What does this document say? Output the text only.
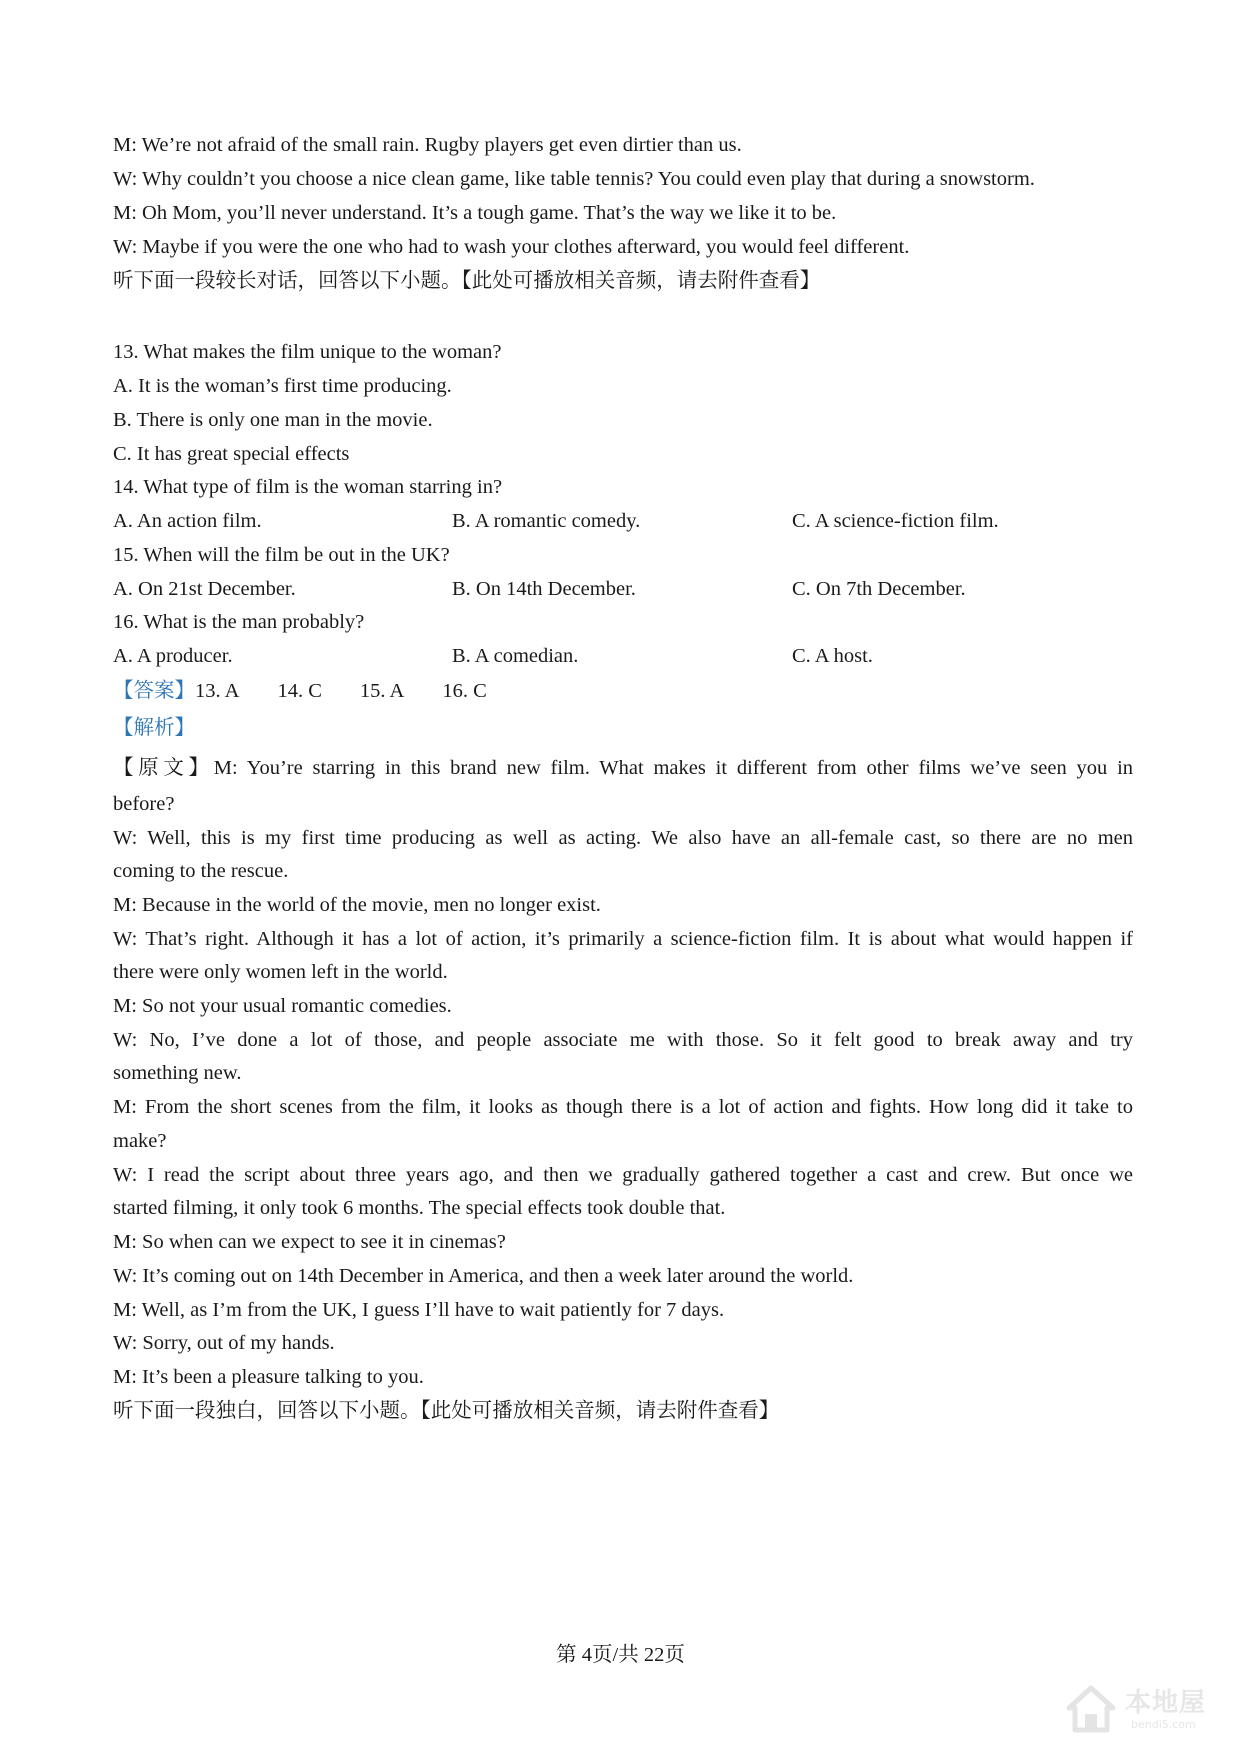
M: We’re not afraid of the small rain. Rugby players get even dirtier than us.
W: Why couldn’t you choose a nice clean game, like table tennis? You could even play that during a snowstorm.
M: Oh Mom, you’ll never understand. It’s a tough game. That’s the way we like it to be.
W: Maybe if you were the one who had to wash your clothes afterward, you would feel different.
听下面一段较长对话，回答以下小题。【此处可播放相关音频，请去附件查看】
13. What makes the film unique to the woman?
A. It is the woman’s first time producing.
B. There is only one man in the movie.
C. It has great special effects
14. What type of film is the woman starring in?
A. An action film.	B. A romantic comedy.	C. A science-fiction film.
15. When will the film be out in the UK?
A. On 21st December.	B. On 14th December.	C. On 7th December.
16. What is the man probably?
A. A producer.	B. A comedian.	C. A host.
【答案】13. A 14. C 15. A 16. C
【解析】
【原文】M: You’re starring in this brand new film. What makes it different from other films we’ve seen you in
before?
W: Well, this is my first time producing as well as acting. We also have an all-female cast, so there are no men
coming to the rescue.
M: Because in the world of the movie, men no longer exist.
W: That’s right. Although it has a lot of action, it’s primarily a science-fiction film. It is about what would happen if
there were only women left in the world.
M: So not your usual romantic comedies.
W: No, I’ve done a lot of those, and people associate me with those. So it felt good to break away and try
something new.
M: From the short scenes from the film, it looks as though there is a lot of action and fights. How long did it take to
make?
W: I read the script about three years ago, and then we gradually gathered together a cast and crew. But once we
started filming, it only took 6 months. The special effects took double that.
M: So when can we expect to see it in cinemas?
W: It’s coming out on 14th December in America, and then a week later around the world.
M: Well, as I’m from the UK, I guess I’ll have to wait patiently for 7 days.
W: Sorry, out of my hands.
M: It’s been a pleasure talking to you.
听下面一段独白，回答以下小题。【此处可播放相关音频，请去附件查看】
第 4页/共 22页
本地屋
bendi5.com
